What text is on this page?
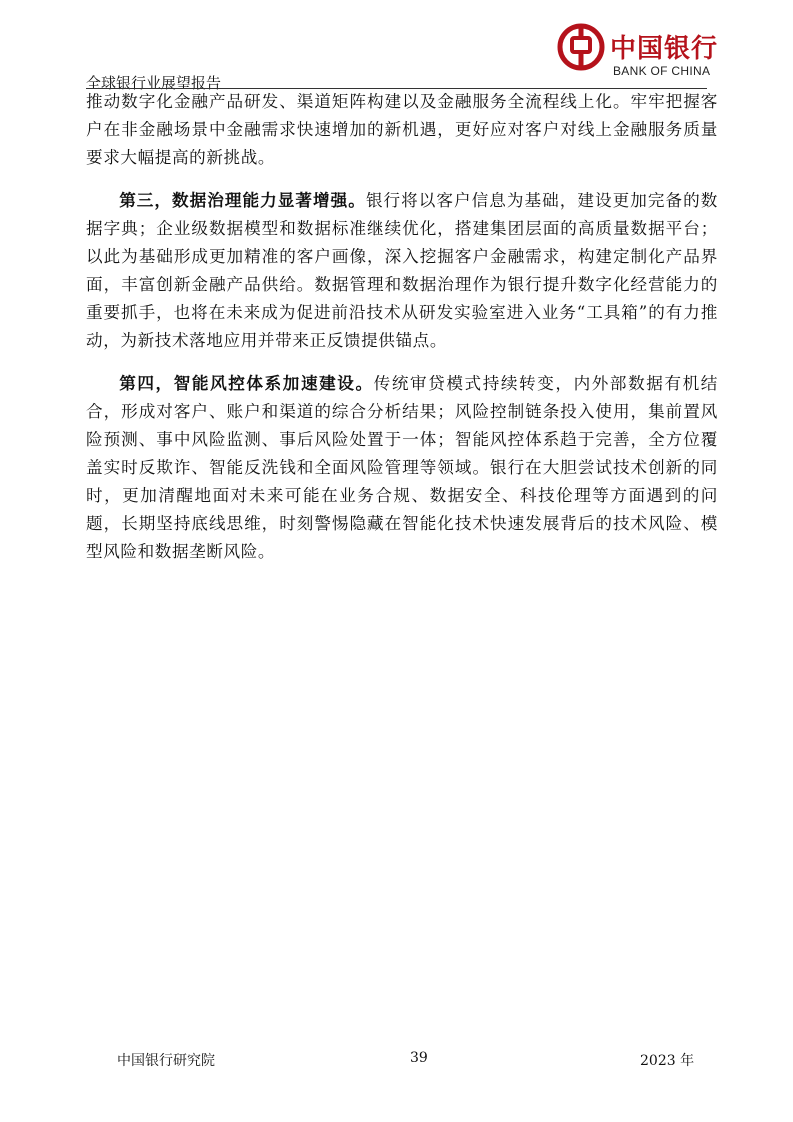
中国银行
BANK OF CHINA
全球银行业展望报告

推动数字化金融产品研发、渠道矩阵构建以及金融服务全流程线上化。牢牢把握客户在非金融场景中金融需求快速增加的新机遇，更好应对客户对线上金融服务质量要求大幅提高的新挑战。

第三，数据治理能力显著增强。银行将以客户信息为基础，建设更加完备的数据字典；企业级数据模型和数据标准继续优化，搭建集团层面的高质量数据平台；以此为基础形成更加精准的客户画像，深入挖掘客户金融需求，构建定制化产品界面，丰富创新金融产品供给。数据管理和数据治理作为银行提升数字化经营能力的重要抓手，也将在未来成为促进前沿技术从研发实验室进入业务“工具箱”的有力推动，为新技术落地应用并带来正反馈提供锚点。

第四，智能风控体系加速建设。传统审贷模式持续转变，内外部数据有机结合，形成对客户、账户和渠道的综合分析结果；风险控制链条投入使用，集前置风险预测、事中风险监测、事后风险处置于一体；智能风控体系趋于完善，全方位覆盖实时反欺诈、智能反洗钱和全面风险管理等领域。银行在大胆尝试技术创新的同时，更加清醒地面对未来可能在业务合规、数据安全、科技伦理等方面遇到的问题，长期坚持底线思维，时刻警惕隐藏在智能化技术快速发展背后的技术风险、模型风险和数据垄断风险。

中国银行研究院	39	2023 年
